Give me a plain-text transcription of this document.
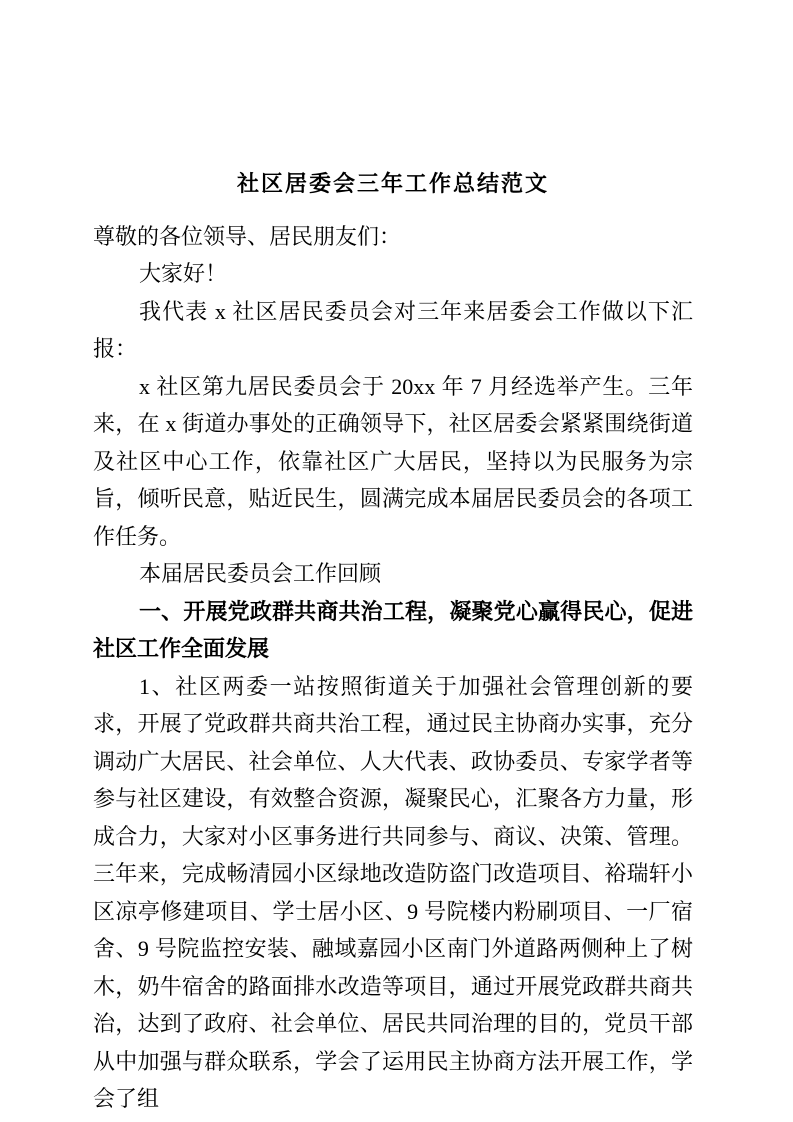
社区居委会三年工作总结范文

尊敬的各位领导、居民朋友们：

大家好！

我代表 x 社区居民委员会对三年来居委会工作做以下汇报：

x 社区第九居民委员会于 20xx 年 7 月经选举产生。三年来，在 x 街道办事处的正确领导下，社区居委会紧紧围绕街道及社区中心工作，依靠社区广大居民，坚持以为民服务为宗旨，倾听民意，贴近民生，圆满完成本届居民委员会的各项工作任务。

本届居民委员会工作回顾

一、开展党政群共商共治工程，凝聚党心赢得民心，促进社区工作全面发展

1、社区两委一站按照街道关于加强社会管理创新的要求，开展了党政群共商共治工程，通过民主协商办实事，充分调动广大居民、社会单位、人大代表、政协委员、专家学者等参与社区建设，有效整合资源，凝聚民心，汇聚各方力量，形成合力，大家对小区事务进行共同参与、商议、决策、管理。三年来，完成畅清园小区绿地改造防盗门改造项目、裕瑞轩小区凉亭修建项目、学士居小区、9 号院楼内粉刷项目、一厂宿舍、9 号院监控安装、融域嘉园小区南门外道路两侧种上了树木，奶牛宿舍的路面排水改造等项目，通过开展党政群共商共治，达到了政府、社会单位、居民共同治理的目的，党员干部从中加强与群众联系，学会了运用民主协商方法开展工作，学会了组
